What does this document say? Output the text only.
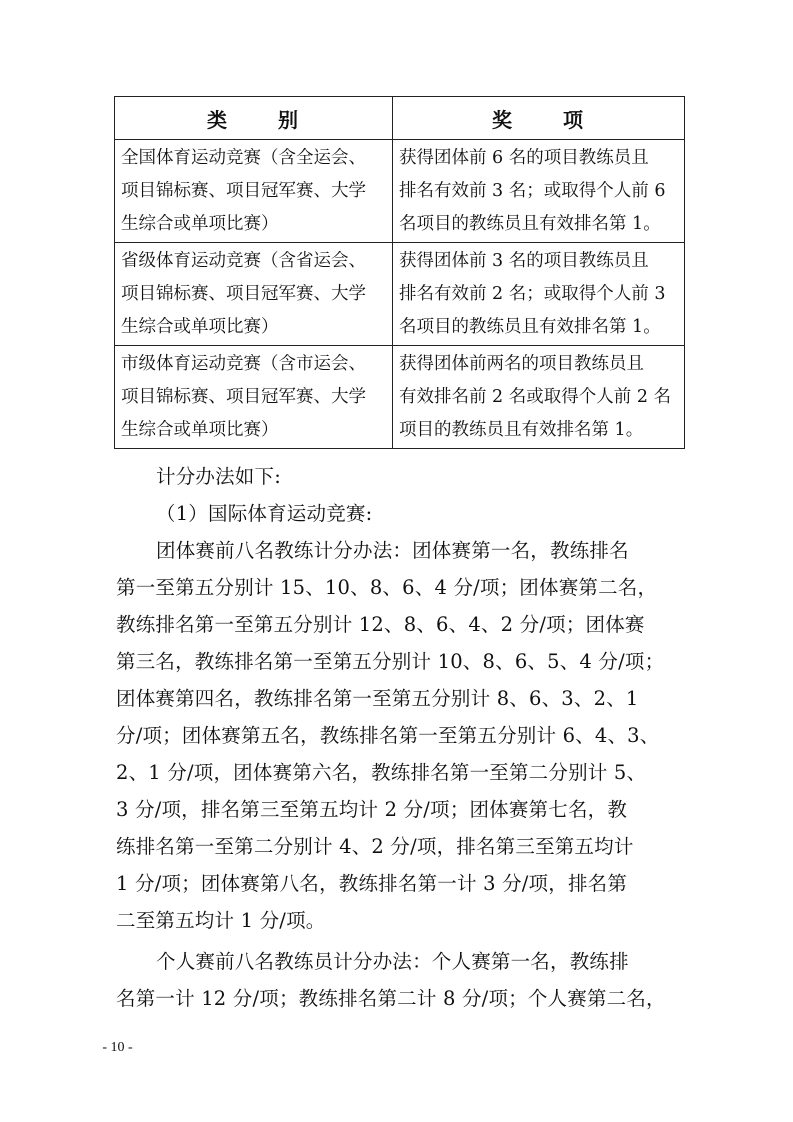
类 别	奖 项

全国体育运动竞赛（含全运会、
项目锦标赛、项目冠军赛、大学
生综合或单项比赛）	获得团体前 6 名的项目教练员且
排名有效前 3 名；或取得个人前 6
名项目的教练员且有效排名第 1。

省级体育运动竞赛（含省运会、
项目锦标赛、项目冠军赛、大学
生综合或单项比赛）	获得团体前 3 名的项目教练员且
排名有效前 2 名；或取得个人前 3
名项目的教练员且有效排名第 1。

市级体育运动竞赛（含市运会、
项目锦标赛、项目冠军赛、大学
生综合或单项比赛）	获得团体前两名的项目教练员且
有效排名前 2 名或取得个人前 2 名
项目的教练员且有效排名第 1。
计分办法如下:
（1）国际体育运动竞赛:
团体赛前八名教练计分办法：团体赛第一名，教练排名
第一至第五分别计 15、10、8、6、4 分/项；团体赛第二名，
教练排名第一至第五分别计 12、8、6、4、2 分/项；团体赛
第三名，教练排名第一至第五分别计 10、8、6、5、4 分/项；
团体赛第四名，教练排名第一至第五分别计 8、6、3、2、1
分/项；团体赛第五名，教练排名第一至第五分别计 6、4、3、
2、1 分/项，团体赛第六名，教练排名第一至第二分别计 5、
3 分/项，排名第三至第五均计 2 分/项；团体赛第七名，教
练排名第一至第二分别计 4、2 分/项，排名第三至第五均计
1 分/项；团体赛第八名，教练排名第一计 3 分/项，排名第
二至第五均计 1 分/项。
个人赛前八名教练员计分办法：个人赛第一名，教练排
名第一计 12 分/项；教练排名第二计 8 分/项；个人赛第二名，
- 10 -
